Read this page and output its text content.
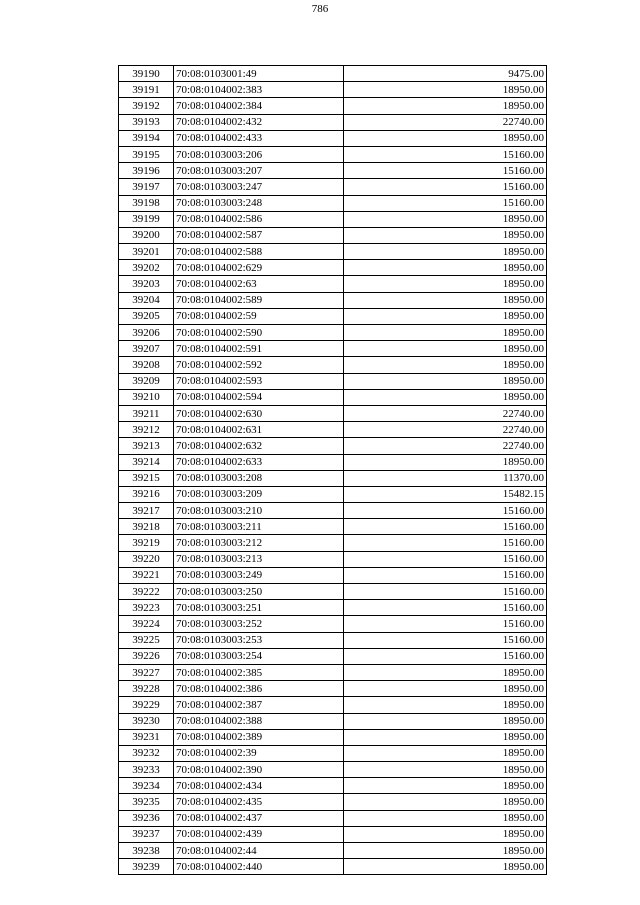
786
39190	70:08:0103001:49	9475.00
39191	70:08:0104002:383	18950.00
39192	70:08:0104002:384	18950.00
39193	70:08:0104002:432	22740.00
39194	70:08:0104002:433	18950.00
39195	70:08:0103003:206	15160.00
39196	70:08:0103003:207	15160.00
39197	70:08:0103003:247	15160.00
39198	70:08:0103003:248	15160.00
39199	70:08:0104002:586	18950.00
39200	70:08:0104002:587	18950.00
39201	70:08:0104002:588	18950.00
39202	70:08:0104002:629	18950.00
39203	70:08:0104002:63	18950.00
39204	70:08:0104002:589	18950.00
39205	70:08:0104002:59	18950.00
39206	70:08:0104002:590	18950.00
39207	70:08:0104002:591	18950.00
39208	70:08:0104002:592	18950.00
39209	70:08:0104002:593	18950.00
39210	70:08:0104002:594	18950.00
39211	70:08:0104002:630	22740.00
39212	70:08:0104002:631	22740.00
39213	70:08:0104002:632	22740.00
39214	70:08:0104002:633	18950.00
39215	70:08:0103003:208	11370.00
39216	70:08:0103003:209	15482.15
39217	70:08:0103003:210	15160.00
39218	70:08:0103003:211	15160.00
39219	70:08:0103003:212	15160.00
39220	70:08:0103003:213	15160.00
39221	70:08:0103003:249	15160.00
39222	70:08:0103003:250	15160.00
39223	70:08:0103003:251	15160.00
39224	70:08:0103003:252	15160.00
39225	70:08:0103003:253	15160.00
39226	70:08:0103003:254	15160.00
39227	70:08:0104002:385	18950.00
39228	70:08:0104002:386	18950.00
39229	70:08:0104002:387	18950.00
39230	70:08:0104002:388	18950.00
39231	70:08:0104002:389	18950.00
39232	70:08:0104002:39	18950.00
39233	70:08:0104002:390	18950.00
39234	70:08:0104002:434	18950.00
39235	70:08:0104002:435	18950.00
39236	70:08:0104002:437	18950.00
39237	70:08:0104002:439	18950.00
39238	70:08:0104002:44	18950.00
39239	70:08:0104002:440	18950.00
